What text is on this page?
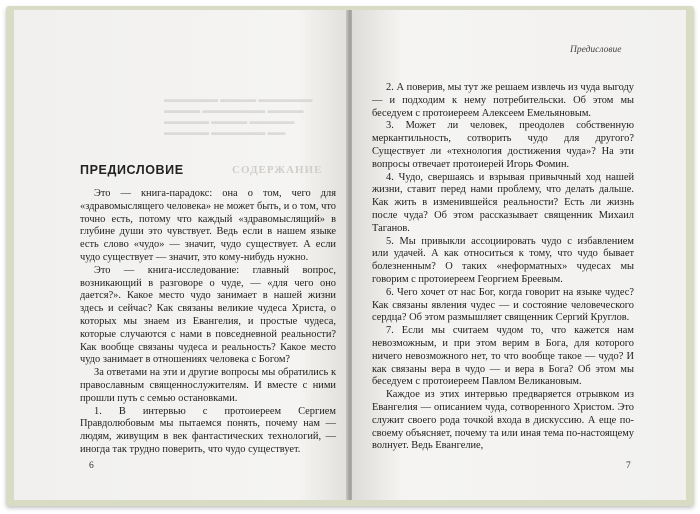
▬▬▬▬▬▬ ▬▬▬▬ ▬▬▬▬▬▬
▬▬▬▬ ▬▬▬▬▬▬▬ ▬▬▬▬
▬▬▬▬▬ ▬▬▬▬ ▬▬▬▬▬
▬▬▬▬▬ ▬▬▬▬▬▬ ▬▬
СОДЕРЖАНИЕ
ПРЕДИСЛОВИЕ

Это — книга-парадокс: она о том, чего для «здравомыслящего человека» не может быть, и о том, что точно есть, потому что каждый «здравомыслящий» в глубине души это чувствует. Ведь если в нашем языке есть слово «чудо» — значит, чудо существует. А если чудо существует — значит, это кому-нибудь нужно.

Это — книга-исследование: главный вопрос, возникающий в разговоре о чуде, — «для чего оно дается?». Какое место чудо занимает в нашей жизни здесь и сейчас? Как связаны великие чудеса Христа, о которых мы знаем из Евангелия, и простые чудеса, которые случаются с нами в повседневной реальности? Как вообще связаны чудеса и реальность? Какое место чудо занимает в отношениях человека с Богом?

За ответами на эти и другие вопросы мы обратились к православным священнослужителям. И вместе с ними прошли путь с семью остановками.

1. В интервью с протоиереем Сергием Правдолюбовым мы пытаемся понять, почему нам — людям, живущим в век фантастических технологий, — иногда так трудно поверить, что чудо существует.

6
Предисловие

2. А поверив, мы тут же решаем извлечь из чуда выгоду — и подходим к нему потребительски. Об этом мы беседуем с протоиереем Алексеем Емельяновым.

3. Может ли человек, преодолев собственную меркантильность, сотворить чудо для другого? Существует ли «технология достижения чуда»? На эти вопросы отвечает протоиерей Игорь Фомин.

4. Чудо, свершаясь и взрывая привычный ход нашей жизни, ставит перед нами проблему, что делать дальше. Как жить в изменившейся реальности? Есть ли жизнь после чуда? Об этом рассказывает священник Михаил Таганов.

5. Мы привыкли ассоциировать чудо с избавлением или удачей. А как относиться к тому, что чудо бывает болезненным? О таких «неформатных» чудесах мы говорим с протоиереем Георгием Бреевым.

6. Чего хочет от нас Бог, когда говорит на языке чудес? Как связаны явления чудес — и состояние человеческого сердца? Об этом размышляет священник Сергий Круглов.

7. Если мы считаем чудом то, что кажется нам невозможным, и при этом верим в Бога, для которого ничего невозможного нет, то что вообще такое — чудо? И как связаны вера в чудо — и вера в Бога? Об этом мы беседуем с протоиереем Павлом Великановым.

Каждое из этих интервью предваряется отрывком из Евангелия — описанием чуда, сотворенного Христом. Это служит своего рода точкой входа в дискуссию. А еще по-своему объясняет, почему та или иная тема по-настоящему волнует. Ведь Евангелие,

7
